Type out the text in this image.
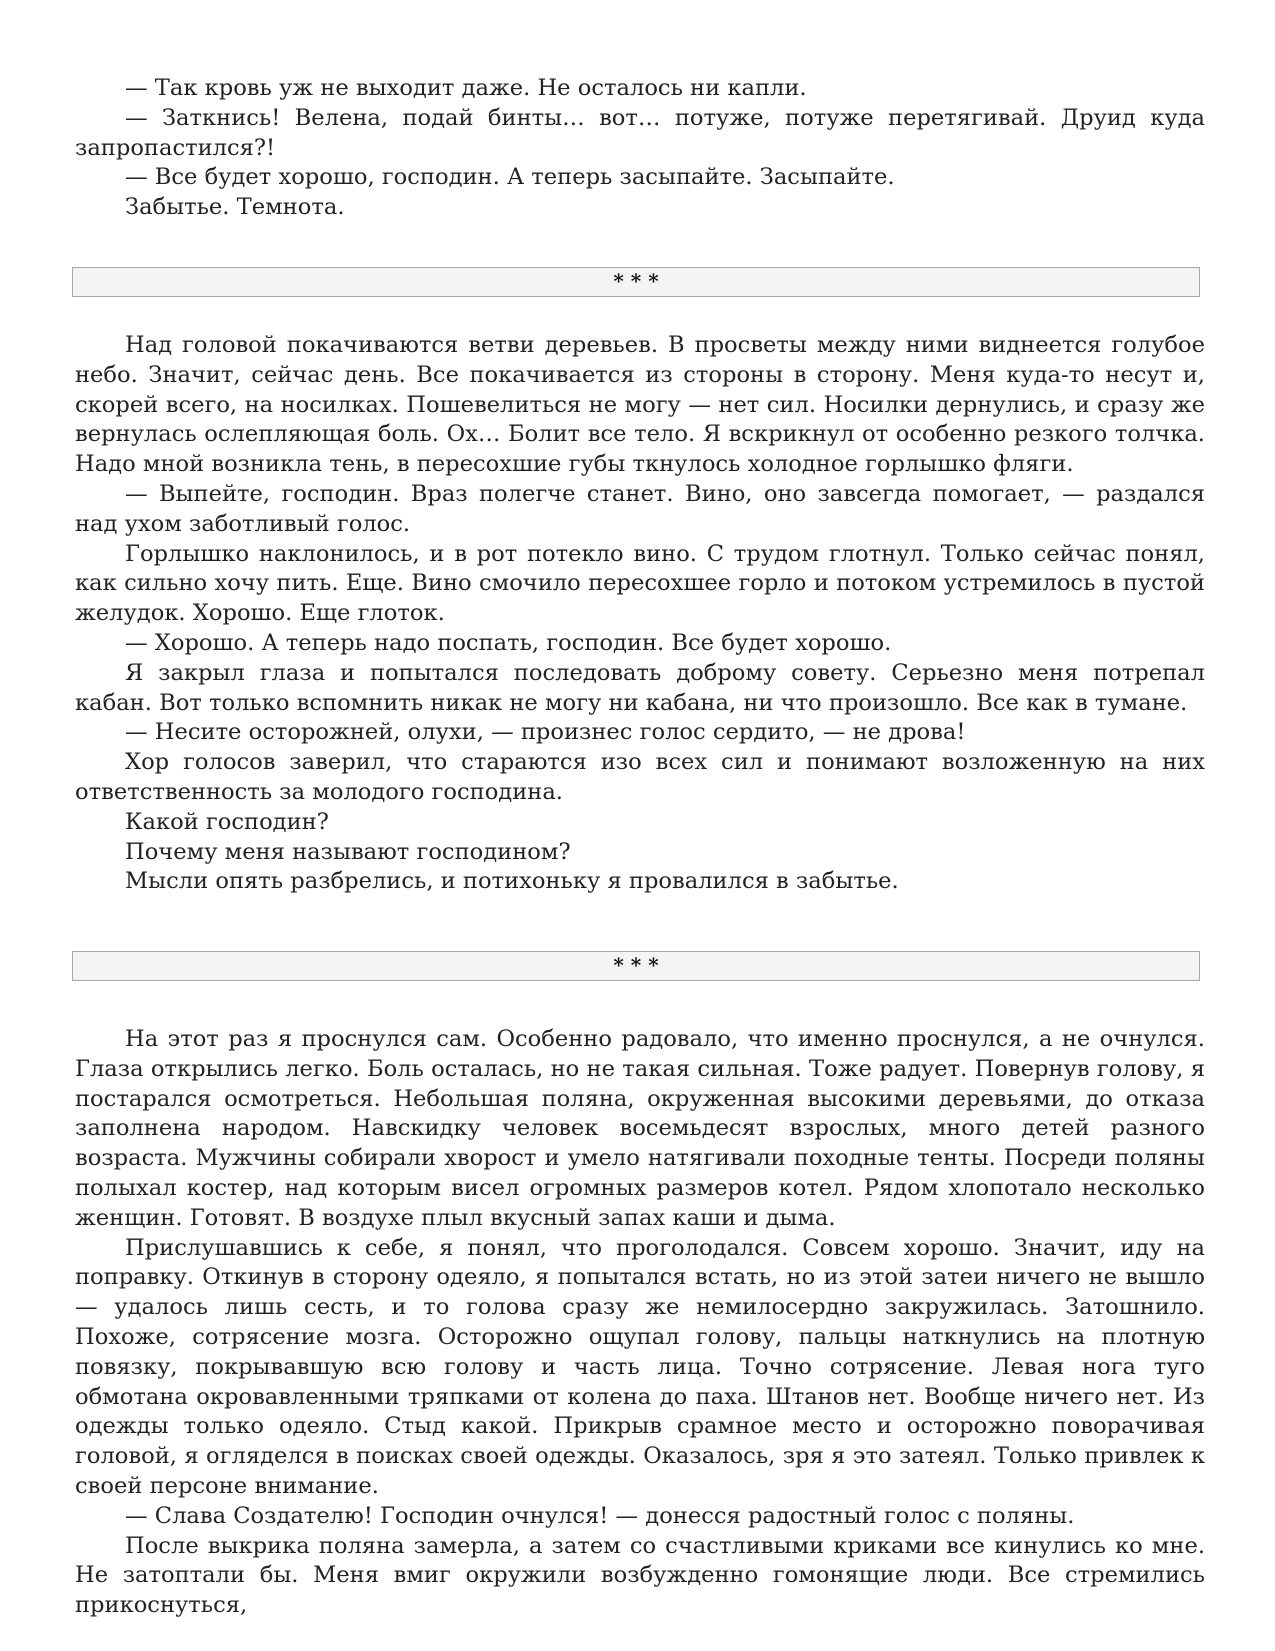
— Так кровь уж не выходит даже. Не осталось ни капли.

— Заткнись! Велена, подай бинты… вот… потуже, потуже перетягивай. Друид куда запропастился?!

— Все будет хорошо, господин. А теперь засыпайте. Засыпайте.

Забытье. Темнота.

Над головой покачиваются ветви деревьев. В просветы между ними виднеется голубое небо. Значит, сейчас день. Все покачивается из стороны в сторону. Меня куда-то несут и, скорей всего, на носилках. Пошевелиться не могу — нет сил. Носилки дернулись, и сразу же вернулась ослепляющая боль. Ох… Болит все тело. Я вскрикнул от особенно резкого толчка. Надо мной возникла тень, в пересохшие губы ткнулось холодное горлышко фляги.

— Выпейте, господин. Враз полегче станет. Вино, оно завсегда помогает, — раздался над ухом заботливый голос.

Горлышко наклонилось, и в рот потекло вино. С трудом глотнул. Только сейчас понял, как сильно хочу пить. Еще. Вино смочило пересохшее горло и потоком устремилось в пустой желудок. Хорошо. Еще глоток.

— Хорошо. А теперь надо поспать, господин. Все будет хорошо.

Я закрыл глаза и попытался последовать доброму совету. Серьезно меня потрепал кабан. Вот только вспомнить никак не могу ни кабана, ни что произошло. Все как в тумане.

— Несите осторожней, олухи, — произнес голос сердито, — не дрова!

Хор голосов заверил, что стараются изо всех сил и понимают возложенную на них ответственность за молодого господина.

Какой господин?

Почему меня называют господином?

Мысли опять разбрелись, и потихоньку я провалился в забытье.

На этот раз я проснулся сам. Особенно радовало, что именно проснулся, а не очнулся. Глаза открылись легко. Боль осталась, но не такая сильная. Тоже радует. Повернув голову, я постарался осмотреться. Небольшая поляна, окруженная высокими деревьями, до отказа заполнена народом. Навскидку человек восемьдесят взрослых, много детей разного возраста. Мужчины собирали хворост и умело натягивали походные тенты. Посреди поляны полыхал костер, над которым висел огромных размеров котел. Рядом хлопотало несколько женщин. Готовят. В воздухе плыл вкусный запах каши и дыма.

Прислушавшись к себе, я понял, что проголодался. Совсем хорошо. Значит, иду на поправку. Откинув в сторону одеяло, я попытался встать, но из этой затеи ничего не вышло — удалось лишь сесть, и то голова сразу же немилосердно закружилась. Затошнило. Похоже, сотрясение мозга. Осторожно ощупал голову, пальцы наткнулись на плотную повязку, покрывавшую всю голову и часть лица. Точно сотрясение. Левая нога туго обмотана окровавленными тряпками от колена до паха. Штанов нет. Вообще ничего нет. Из одежды только одеяло. Стыд какой. Прикрыв срамное место и осторожно поворачивая головой, я огляделся в поисках своей одежды. Оказалось, зря я это затеял. Только привлек к своей персоне внимание.

— Слава Создателю! Господин очнулся! — донесся радостный голос с поляны.

После выкрика поляна замерла, а затем со счастливыми криками все кинулись ко мне. Не затоптали бы. Меня вмиг окружили возбужденно гомонящие люди. Все стремились прикоснуться,

* * *
* * *
